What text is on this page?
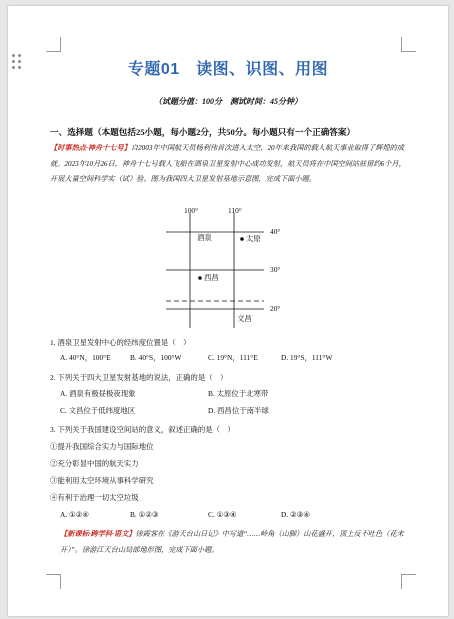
专题01　读图、识图、用图
（试题分值：100分　测试时间：45分钟）
一、选择题（本题包括25小题，每小题2分，共50分。每小题只有一个正确答案）
【时事热点·神舟十七号】自2003年中国航天员杨利伟首次进入太空，20年来我国的载人航天事业取得了辉煌的成就。2023年10月26日，神舟十七号载人飞船在酒泉卫星发射中心成功发射，航天员将在中国空间站驻留约6个月，开展大量空间科学实（试）验。图为我国四大卫星发射基地示意图，完成下面小题。
100°	110°
40°
30°
20°
酒泉	太原
西昌
文昌
1. 酒泉卫星发射中心的经纬度位置是（　）
A. 40°N，100°E	B. 40°S，100°W	C. 19°N，111°E	D. 19°S，111°W
2. 下列关于四大卫星发射基地的说法，正确的是（　）
A. 酒泉有极昼极夜现象	B. 太原位于北寒带
C. 文昌位于低纬度地区	D. 西昌位于南半球
3. 下列关于我国建设空间站的意义，叙述正确的是（　）
①提升我国综合实力与国际地位
②充分彰显中国的航天实力
③能利用太空环境从事科学研究
④有利于治理一切太空垃圾
A. ①②④	B. ①②③	C. ①③④	D. ②③④
【新课标·跨学科·语文】徐霞客在《游天台山日记》中写道“……岭角（山脚）山花盛开，顶上反不吐色（花未开）”。徐游江天台山局部地形图，完成下面小题。
